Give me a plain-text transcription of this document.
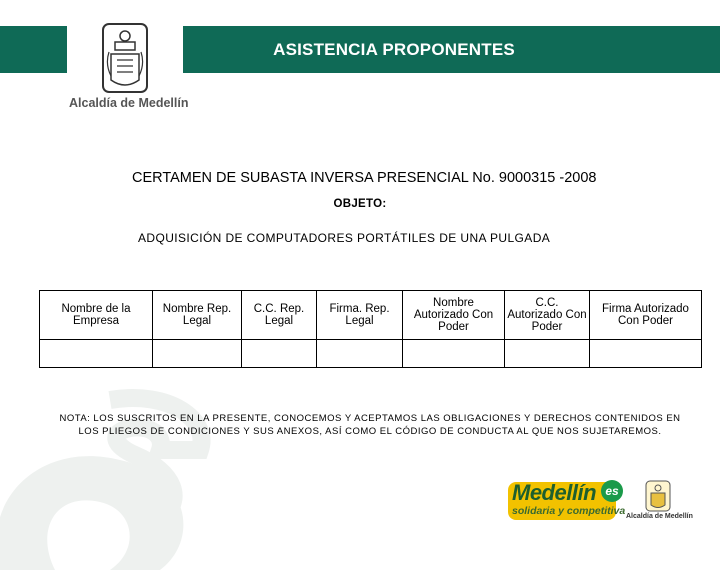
ASISTENCIA PROPONENTES
Alcaldía de Medellín
CERTAMEN DE SUBASTA INVERSA PRESENCIAL No. 9000315 -2008
OBJETO:
ADQUISICIÓN DE COMPUTADORES PORTÁTILES DE UNA PULGADA
Nombre de la Empresa	Nombre Rep. Legal	C.C. Rep. Legal	Firma. Rep. Legal	Nombre Autorizado Con Poder	C.C. Autorizado Con Poder	Firma Autorizado Con Poder

NOTA: LOS SUSCRITOS EN LA PRESENTE, CONOCEMOS Y ACEPTAMOS LAS OBLIGACIONES Y DERECHOS CONTENIDOS EN LOS PLIEGOS DE CONDICIONES Y SUS ANEXOS, ASÍ COMO EL CÓDIGO DE CONDUCTA AL QUE NOS SUJETAREMOS.
Medellín es
solidaria y competitiva Alcaldía de Medellín
